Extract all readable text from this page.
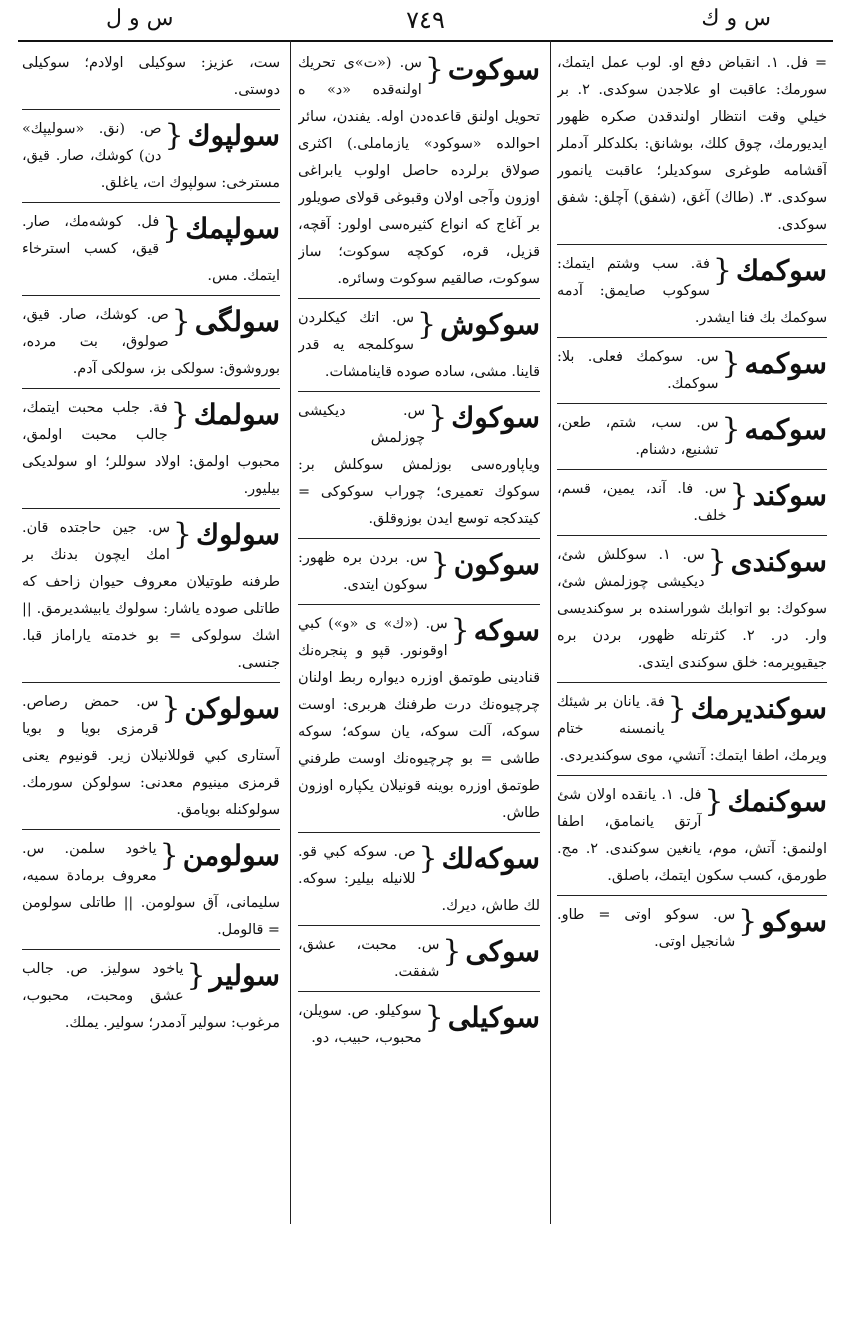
س و ك
٧٤٩
س و ل
= فل. ١. انقباض دفع او. لوب عمل ايتمك، سورمك: عاقبت او علاجدن سوكدى. ٢. بر خيلي وقت انتظار اولندقدن صكره ظهور ايديورمك، چوق كلك، بوشانق: بكلدكلر آدملر آقشامه طوغرى سوكديلر؛ عاقبت يانمور سوكدى. ٣. (طاك) آغق، (شفق) آچلق: شفق سوكدى.
سوكمك
{
فة. سب وشتم ايتمك: سوكوب صايمق: آدمه سوكمك بك فنا ايشدر.
سوكمه
{
س. سوكمك فعلى. بلا: سوكمك.
سوكمه
{
س. سب، شتم، طعن، تشنيع، دشنام.
سوكند
{
س. فا. آند، يمين، قسم، خلف.
سوكندى
{
س. ١. سوكلش شئ، ديكيشى چوزلمش شئ، سوكوك: بو اتوابك شوراسنده بر سوكندیسى وار. در. ٢. كثرتله ظهور، بردن بره جيقيويرمه: خلق سوكندى ايتدى.
سوكنديرمك
{
فة. يانان بر شيئك يانمسنه ختام ويرمك، اطفا ايتمك: آتشي، موى سوكنديردى.
سوكنمك
{
فل. ١. يانقده اولان شئ آرتق يانمامق، اطفا اولنمق: آتش، موم، يانغين سوكندى. ٢. مج. طورمق، كسب سكون ايتمك، باصلق.
سوكو
{
س. سوكو اوتى = طاو. شانجيل اوتى.
سوكوت
{
س. («ت»ى تحريك اولنەقده «د» ه تحويل اولنق قاعدەدن اولە. يفندن، سائر احوالده «سوكود» يازماملى.) اكثرى صولاق برلرده حاصل اولوب يابراغى اوزون وآجى اولان وقبوغى قولاى صويلور بر آغاج كه انواع كثيرەسى اولور: آقچه، قزيل، قره، كوكچه سوكوت؛ ساز سوكوت، صالقيم سوكوت وسائره.
سوكوش
{
س. اتك كيكلردن سوكلمجه يه قدر قاينا. مشى، ساده صوده قاينامشات.
سوكوك
{
س. ديكيشى چوزلمش وياپاورەسى بوزلمش سوكلش بر: سوكوك تعميرى؛ چوراب سوكوكى = كيتدكجه توسع ايدن بوزوقلق.
سوكون
{
س. بردن بره ظهور: سوكون ايتدى.
سوكه
{
س. («ك» ى «و») كبي اوقونور. قپو و پنجرەنك قنادينى طوتمق اوزره ديواره ربط اولنان چرچيوەنك درت طرفنك هربرى: اوست سوكه، آلت سوكه، يان سوكه؛ سوكه طاشى = بو چرچيوەنك اوست طرفني طوتمق اوزره بوينه قونيلان يكپاره اوزون طاش.
سوكەلك
{
ص. سوكه كبي قو. للانيله بيلير: سوكه. لك طاش، ديرك.
سوكى
{
س. محبت، عشق، شفقت.
سوكيلى
{
سوكيلو. ص. سويلن، محبوب، حبيب، دو.
ست، عزيز: سوكيلى اولادم؛ سوكيلى دوستى.
سولپوك
{
ص. (نق. «سوليپك» دن) كوشك، صار. قيق، مسترخى: سولپوك ات، ياغلق.
سولپمك
{
فل. كوشەمك، صار. قيق، كسب استرخاء ايتمك. مس.
سولگى
{
ص. كوشك، صار. قيق، صولوق، بت مرده، بوروشوق: سولكى بز، سولكى آدم.
سولمك
{
فة. جلب محبت ايتمك، جالب محبت اولمق، محبوب اولمق: اولاد سوللر؛ او سولديكى بيليور.
سولوك
{
س. جين حاجتده قان. امك ايچون بدنك بر طرفنه طوتيلان معروف حيوان زاحف كه طاتلى صوده ياشار: سولوك يابيشديرمق. || اشك سولوكى = بو خدمته ياراماز قبا. جنسى.
سولوكن
{
س. حمض رصاص. قرمزى بويا و بويا آستارى كبي قوللانيلان زير. قونيوم يعنى قرمزى مينيوم معدنى: سولوكن سورمك. سولوكنله بويامق.
سولومن
{
ياخود سلمن. س. معروف برمادة سميه، سليمانى، آق سولومن. || طاتلى سولومن = قالومل.
سولير
{
ياخود سوليز. ص. جالب عشق ومحبت، محبوب، مرغوب: سولير آدمدر؛ سولير. يملك.
